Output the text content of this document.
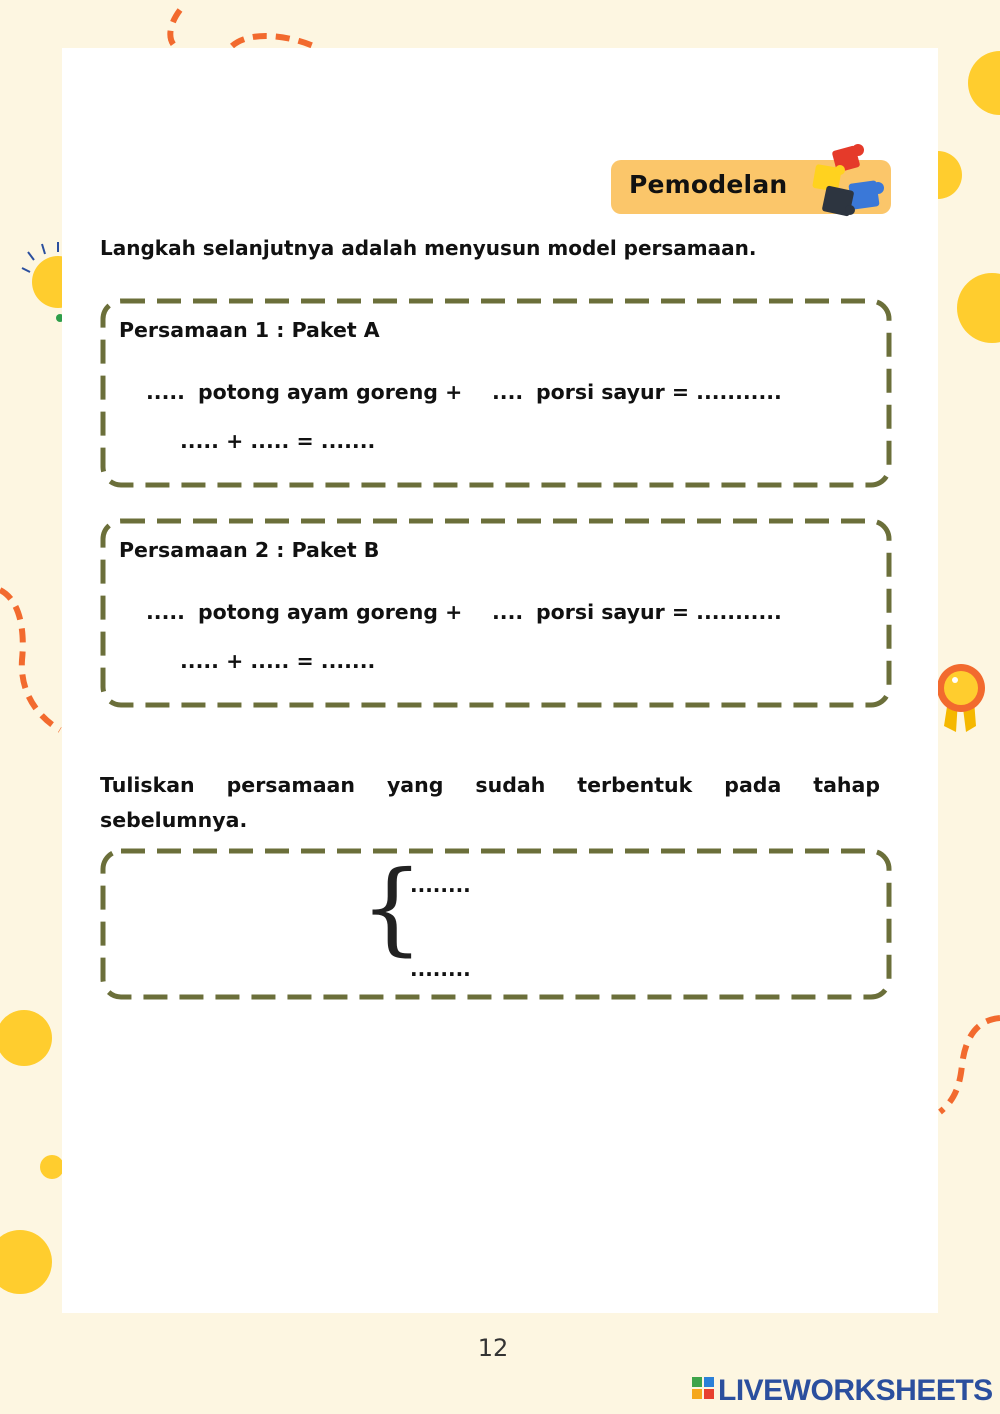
Pemodelan
Langkah selanjutnya adalah menyusun model persamaan.
Persamaan 1 : Paket A
..... potong ayam goreng + .... porsi sayur = ...........
..... + ..... = .......
Persamaan 2 : Paket B
..... potong ayam goreng + .... porsi sayur = ...........
..... + ..... = .......
Tuliskan persamaan yang sudah terbentuk pada tahap sebelumnya.
{
........
........
12
LIVEWORKSHEETS
